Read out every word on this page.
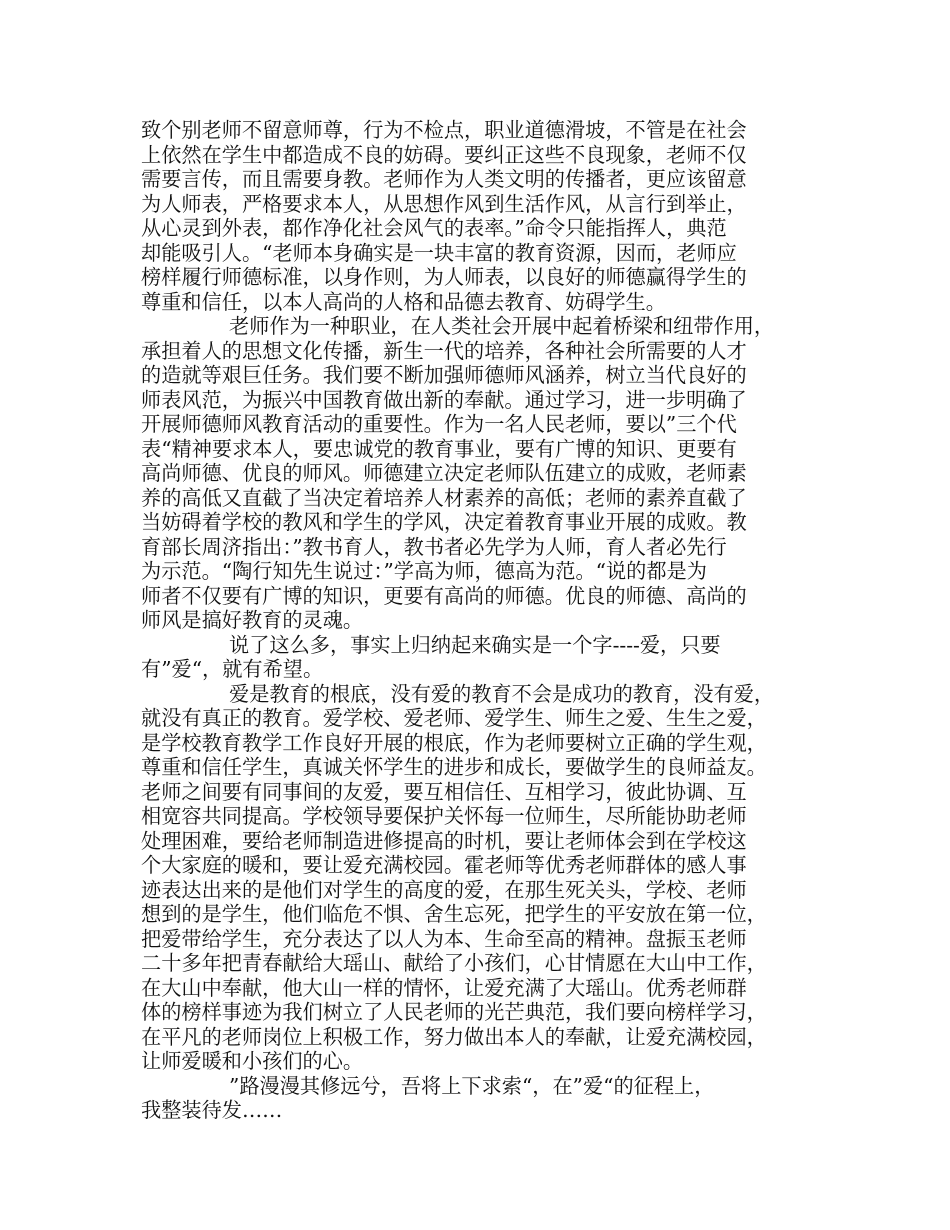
致个别老师不留意师尊，行为不检点，职业道德滑坡，不管是在社会
上依然在学生中都造成不良的妨碍。要纠正这些不良现象，老师不仅
需要言传，而且需要身教。老师作为人类文明的传播者，更应该留意
为人师表，严格要求本人，从思想作风到生活作风，从言行到举止，
从心灵到外表，都作净化社会风气的表率。”命令只能指挥人，典范
却能吸引人。“老师本身确实是一块丰富的教育资源，因而，老师应
榜样履行师德标准，以身作则，为人师表，以良好的师德赢得学生的
尊重和信任，以本人高尚的人格和品德去教育、妨碍学生。
老师作为一种职业，在人类社会开展中起着桥梁和纽带作用，
承担着人的思想文化传播，新生一代的培养，各种社会所需要的人才
的造就等艰巨任务。我们要不断加强师德师风涵养，树立当代良好的
师表风范，为振兴中国教育做出新的奉献。通过学习，进一步明确了
开展师德师风教育活动的重要性。作为一名人民老师，要以”三个代
表“精神要求本人，要忠诚党的教育事业，要有广博的知识、更要有
高尚师德、优良的师风。师德建立决定老师队伍建立的成败，老师素
养的高低又直截了当决定着培养人材素养的高低；老师的素养直截了
当妨碍着学校的教风和学生的学风，决定着教育事业开展的成败。教
育部长周济指出：”教书育人，教书者必先学为人师，育人者必先行
为示范。“陶行知先生说过：”学高为师，德高为范。“说的都是为
师者不仅要有广博的知识，更要有高尚的师德。优良的师德、高尚的
师风是搞好教育的灵魂。
说了这么多，事实上归纳起来确实是一个字----爱，只要
有”爱“，就有希望。
爱是教育的根底，没有爱的教育不会是成功的教育，没有爱，
就没有真正的教育。爱学校、爱老师、爱学生、师生之爱、生生之爱，
是学校教育教学工作良好开展的根底，作为老师要树立正确的学生观，
尊重和信任学生，真诚关怀学生的进步和成长，要做学生的良师益友。
老师之间要有同事间的友爱，要互相信任、互相学习，彼此协调、互
相宽容共同提高。学校领导要保护关怀每一位师生，尽所能协助老师
处理困难，要给老师制造进修提高的时机，要让老师体会到在学校这
个大家庭的暖和，要让爱充满校园。霍老师等优秀老师群体的感人事
迹表达出来的是他们对学生的高度的爱，在那生死关头，学校、老师
想到的是学生，他们临危不惧、舍生忘死，把学生的平安放在第一位，
把爱带给学生，充分表达了以人为本、生命至高的精神。盘振玉老师
二十多年把青春献给大瑶山、献给了小孩们，心甘情愿在大山中工作，
在大山中奉献，他大山一样的情怀，让爱充满了大瑶山。优秀老师群
体的榜样事迹为我们树立了人民老师的光芒典范，我们要向榜样学习，
在平凡的老师岗位上积极工作，努力做出本人的奉献，让爱充满校园，
让师爱暖和小孩们的心。
”路漫漫其修远兮，吾将上下求索“，在”爱“的征程上，
我整装待发……
